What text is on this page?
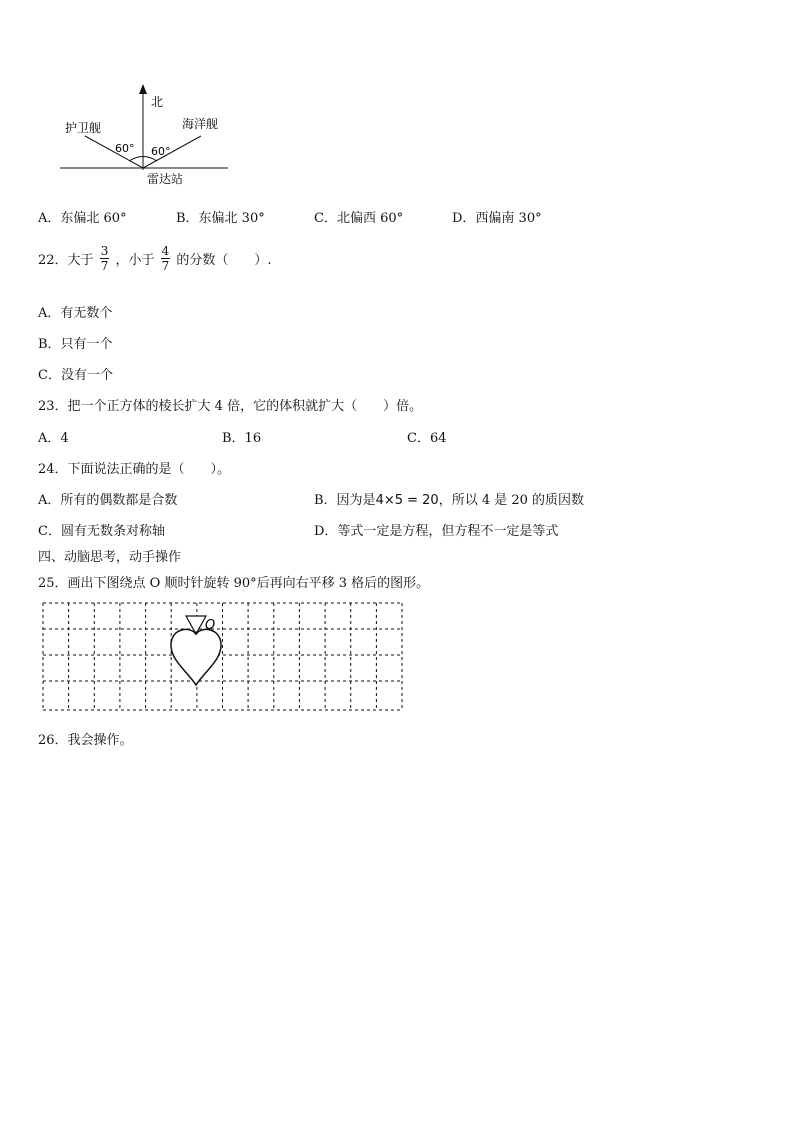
北
护卫舰	海洋舰
60° 60°
雷达站
A．东偏北 60°	B．东偏北 30°	C．北偏西 60°	D．西偏南 30°
22．大于 $\frac{3}{7}$ ，小于 $\frac{4}{7}$ 的分数（　　）.
A．有无数个
B．只有一个
C．没有一个
23．把一个正方体的棱长扩大 4 倍，它的体积就扩大（　　）倍。
A．4	B．16	C．64
24．下面说法正确的是（　　）。
A．所有的偶数都是合数	B．因为是4×5 = 20，所以 4 是 20 的质因数
C．圆有无数条对称轴	D．等式一定是方程，但方程不一定是等式
四、动脑思考，动手操作
25．画出下图绕点 O 顺时针旋转 90°后再向右平移 3 格后的图形。
O
26．我会操作。
